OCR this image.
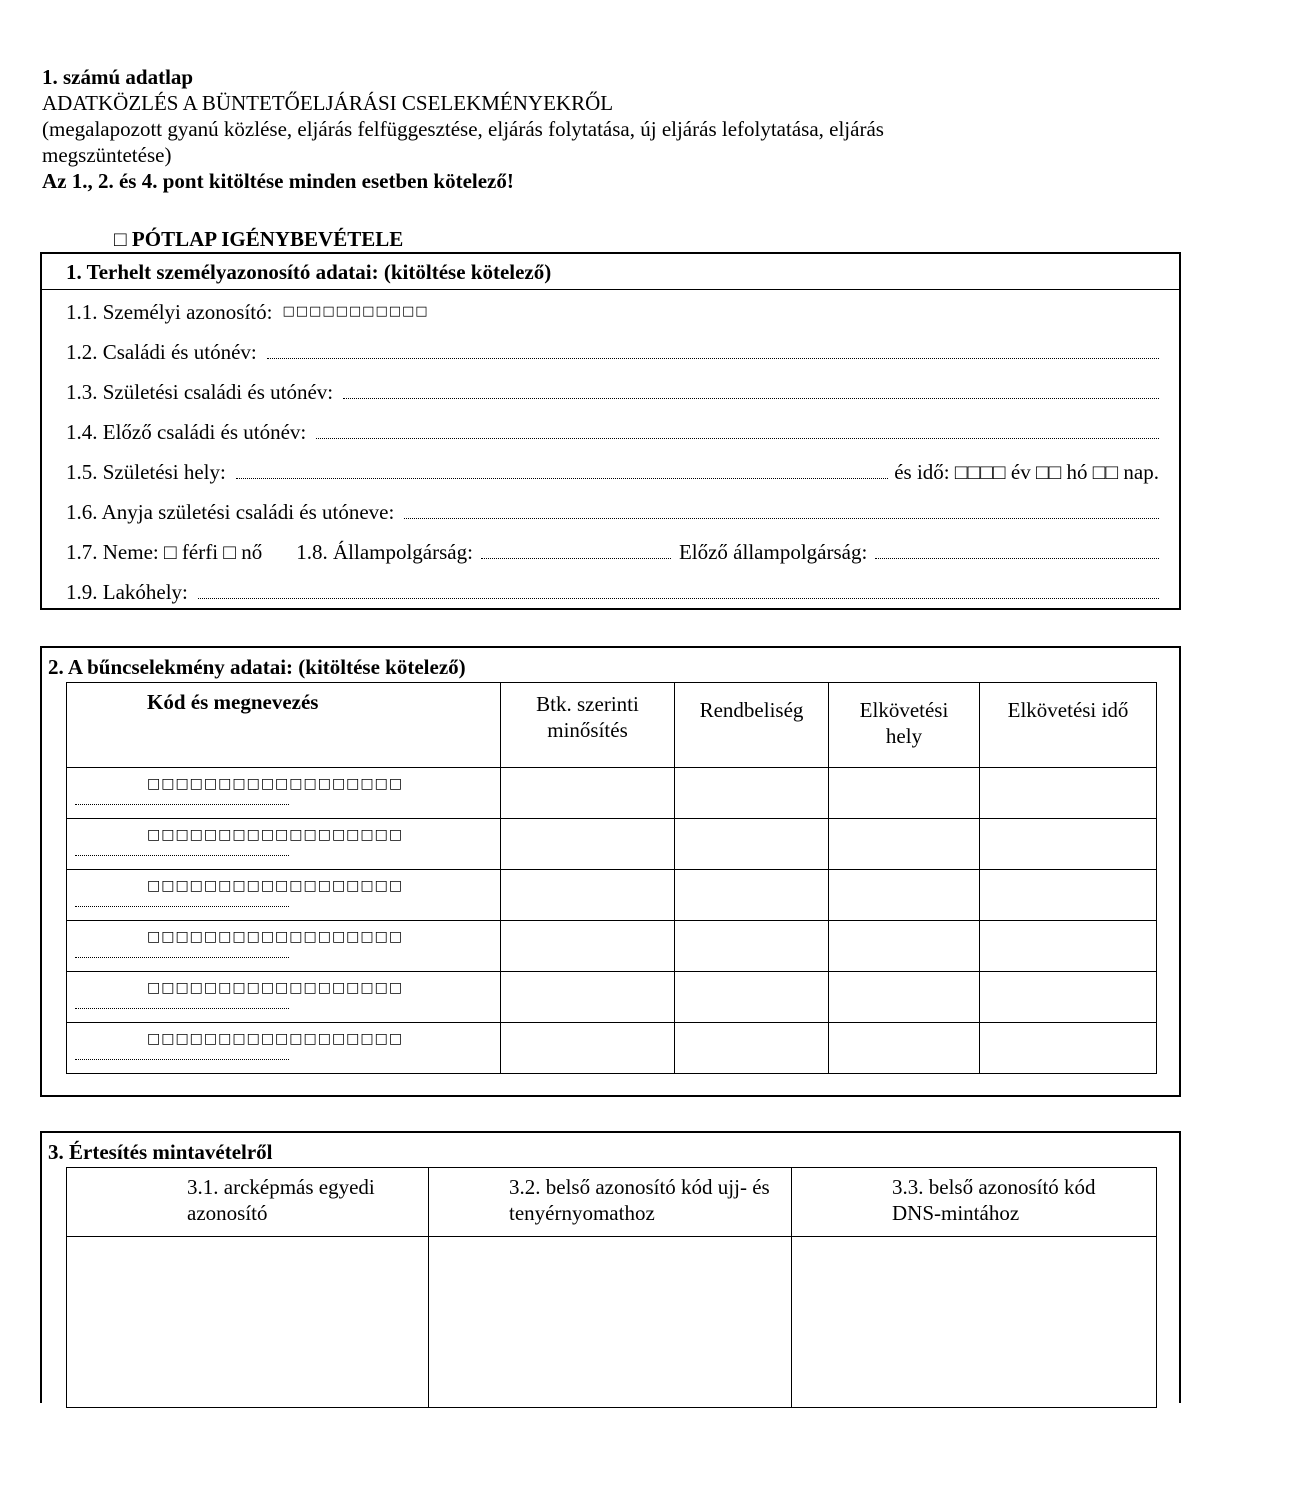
1. számú adatlap
ADATKÖZLÉS A BÜNTETŐELJÁRÁSI CSELEKMÉNYEKRŐL
(megalapozott gyanú közlése, eljárás felfüggesztése, eljárás folytatása, új eljárás lefolytatása, eljárás
megszüntetése)
Az 1., 2. és 4. pont kitöltése minden esetben kötelező!
□ PÓTLAP IGÉNYBEVÉTELE
1. Terhelt személyazonosító adatai: (kitöltése kötelező)
1.1. Személyi azonosító: □□□□□□□□□□□
1.2. Családi és utónév:
1.3. Születési családi és utónév:
1.4. Előző családi és utónév:
1.5. Születési hely:	és idő: □□□□ év □□ hó □□ nap.
1.6. Anyja születési családi és utóneve:
1.7. Neme: □ férfi □ nő	1.8. Állampolgárság:	Előző állampolgárság:
1.9. Lakóhely:
2. A bűncselekmény adatai: (kitöltése kötelező)
Kód és megnevezés	Btk. szerinti minősítés	Rendbeliség	Elkövetési hely	Elkövetési idő

□□□□□□□□□□□□□□□□□□				

□□□□□□□□□□□□□□□□□□				

□□□□□□□□□□□□□□□□□□				

□□□□□□□□□□□□□□□□□□				

□□□□□□□□□□□□□□□□□□				

□□□□□□□□□□□□□□□□□□				

3. Értesítés mintavételről
3.1. arcképmás egyedi azonosító	3.2. belső azonosító kód ujj- és tenyérnyomathoz	3.3. belső azonosító kód DNS-mintához
